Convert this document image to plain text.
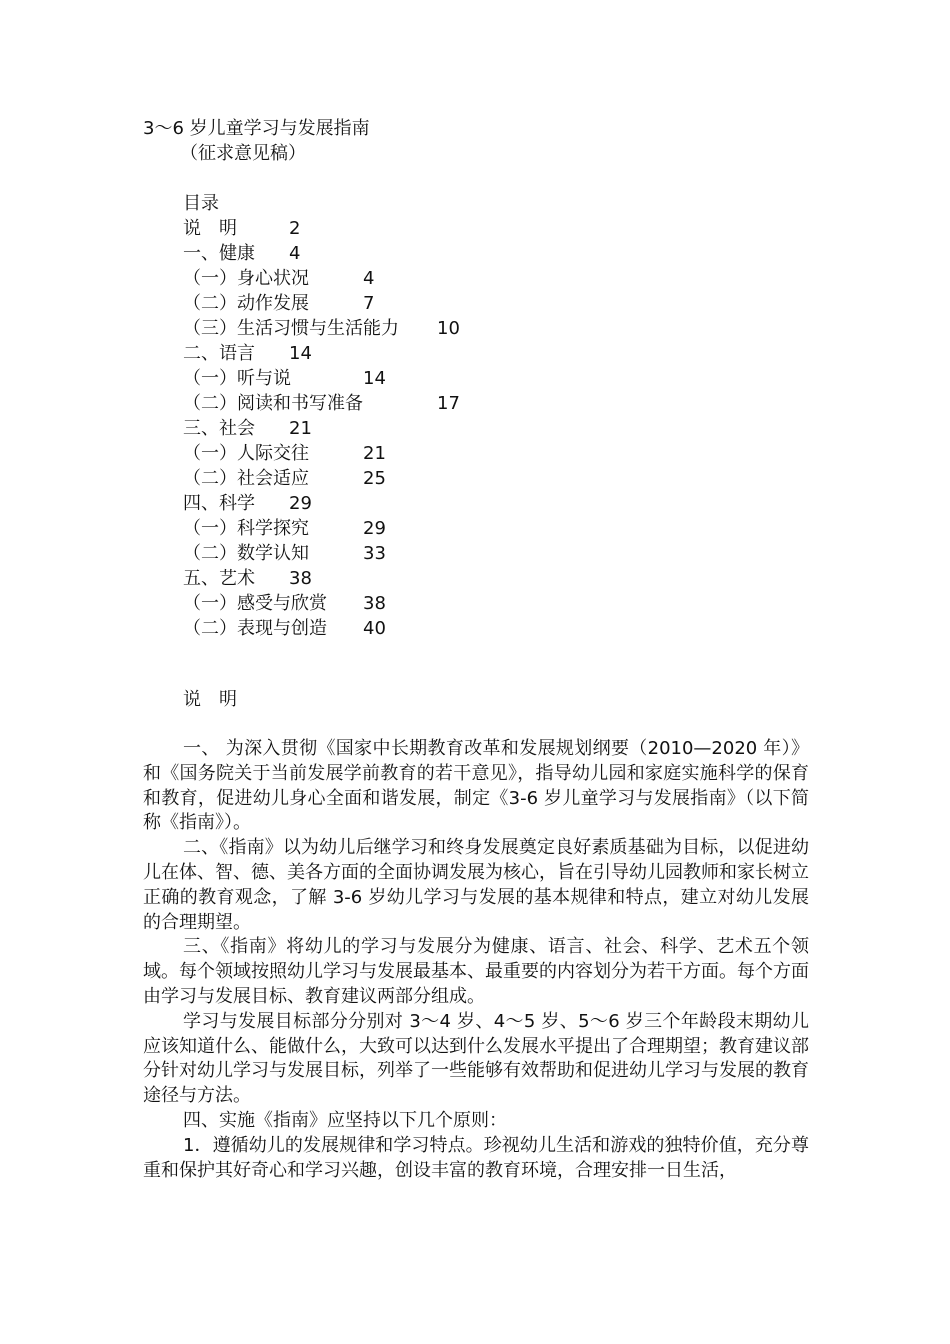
3～6 岁儿童学习与发展指南
（征求意见稿）
目录
说　明	2
一、健康 4
（一）身心状况	4
（二）动作发展	7
（三）生活习惯与生活能力 10
二、语言 14
（一）听与说	14
（二）阅读和书写准备	17
三、社会 21
（一）人际交往	21
（二）社会适应	25
四、科学 29
（一）科学探究	29
（二）数学认知	33
五、艺术 38
（一）感受与欣赏 38
（二）表现与创造 40
说　明

一、 为深入贯彻《国家中长期教育改革和发展规划纲要（2010—2020 年）》和《国务院关于当前发展学前教育的若干意见》，指导幼儿园和家庭实施科学的保育和教育，促进幼儿身心全面和谐发展，制定《3-6 岁儿童学习与发展指南》（以下简称《指南》）。

二、《指南》以为幼儿后继学习和终身发展奠定良好素质基础为目标，以促进幼儿在体、智、德、美各方面的全面协调发展为核心，旨在引导幼儿园教师和家长树立正确的教育观念，了解 3-6 岁幼儿学习与发展的基本规律和特点，建立对幼儿发展的合理期望。

三、《指南》将幼儿的学习与发展分为健康、语言、社会、科学、艺术五个领域。每个领域按照幼儿学习与发展最基本、最重要的内容划分为若干方面。每个方面由学习与发展目标、教育建议两部分组成。

学习与发展目标部分分别对 3～4 岁、4～5 岁、5～6 岁三个年龄段末期幼儿应该知道什么、能做什么，大致可以达到什么发展水平提出了合理期望；教育建议部分针对幼儿学习与发展目标，列举了一些能够有效帮助和促进幼儿学习与发展的教育途径与方法。

四、实施《指南》应坚持以下几个原则：

1．遵循幼儿的发展规律和学习特点。珍视幼儿生活和游戏的独特价值，充分尊重和保护其好奇心和学习兴趣，创设丰富的教育环境，合理安排一日生活，
